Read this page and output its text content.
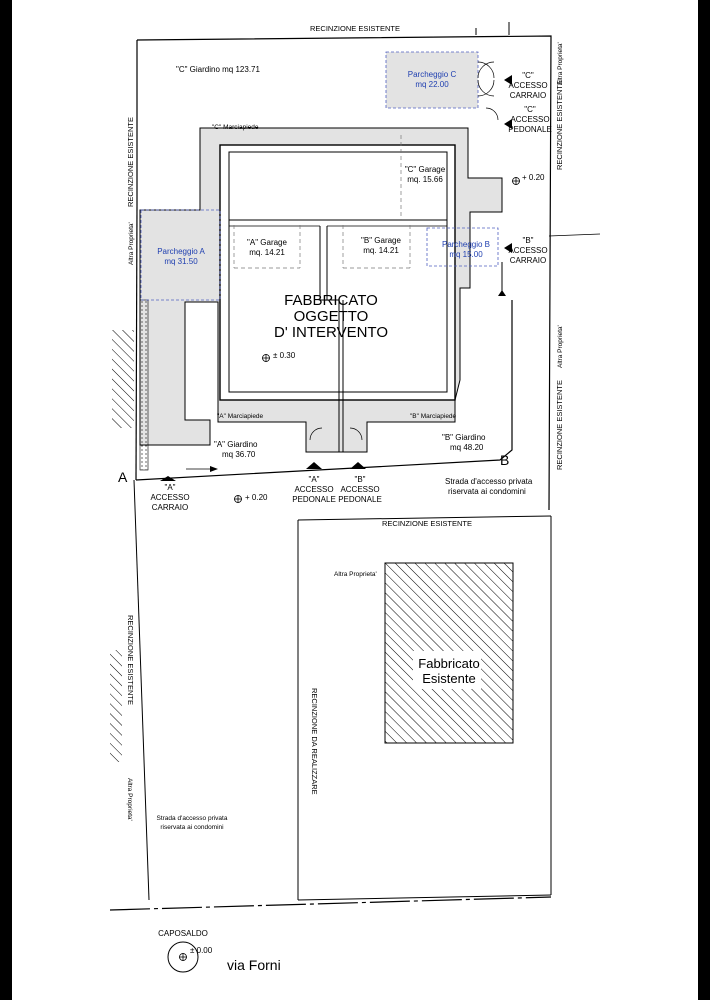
RECINZIONE ESISTENTE
RECINZIONE ESISTENTE	RECINZIONE ESISTENTE
RECINZIONE ESISTENTE
RECINZIONE ESISTENTE
RECINZIONE ESISTENTE
RECINZIONE DA REALIZZARE
Altra Proprieta'
Altra Proprieta'
Altra Proprieta'
Altra Proprieta'
Altra Proprieta'
"C" Giardino mq 123.71
Parcheggio C
mq 22.00
"C" Marciapiede
"C" Garage
mq. 15.66
Parcheggio A
mq 31.50
"A" Garage
mq. 14.21
"B" Garage
mq. 14.21
Parcheggio B
mq 15.00
FABBRICATO
OGGETTO
D' INTERVENTO
± 0.30
"A" Marciapiede	"B" Marciapiede
"A" Giardino
mq 36.70
"B" Giardino
mq 48.20
"C"
ACCESSO
CARRAIO
"C"
ACCESSO
PEDONALE
"B"
ACCESSO
CARRAIO
"A"
ACCESSO
CARRAIO
"A"
ACCESSO
PEDONALE
"B"
ACCESSO
PEDONALE
+ 0.20
+ 0.20
A
B
Strada d'accesso privata
riservata ai condomini
Strada d'accesso privata
riservata ai condomini
Fabbricato
Esistente
CAPOSALDO
± 0.00
via Forni
